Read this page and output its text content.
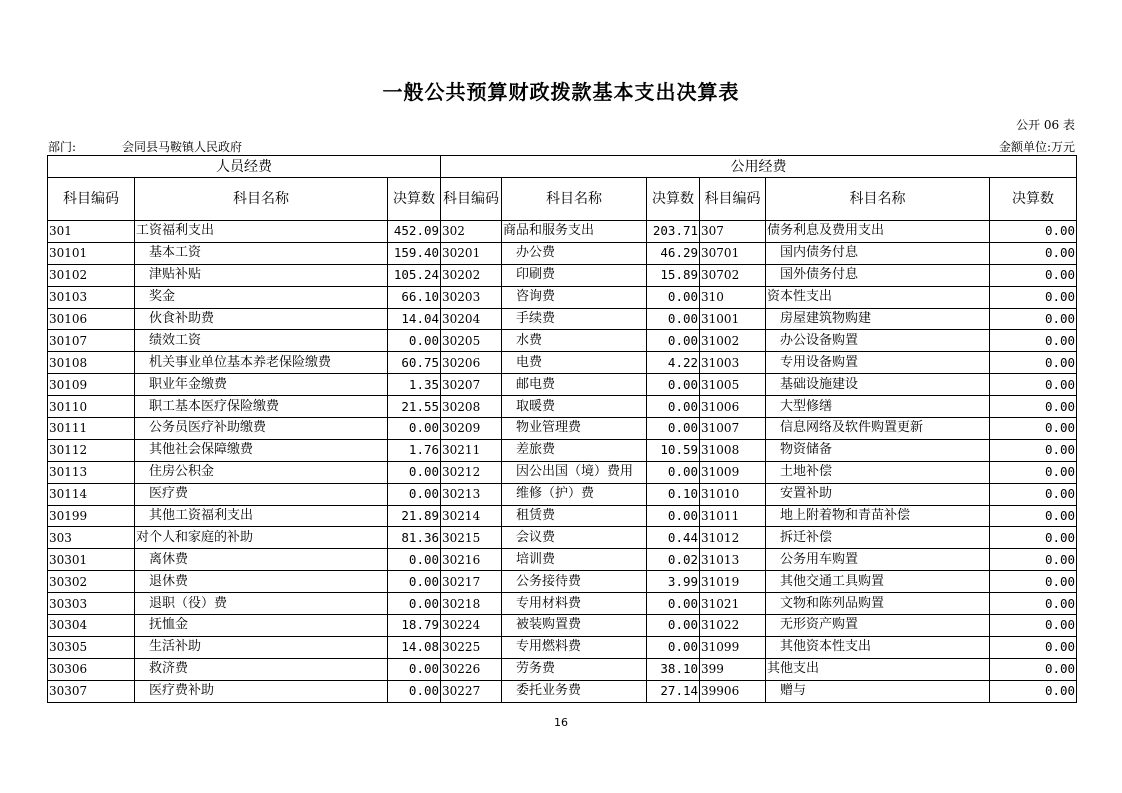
一般公共预算财政拨款基本支出决算表
公开 06 表
部门:	会同县马鞍镇人民政府	金额单位:万元
人员经费			公用经费					
科目编码	科目名称	决算数	科目编码	科目名称	决算数	科目编码	科目名称	决算数
301	工资福利支出	452.09	302	商品和服务支出	203.71	307	债务利息及费用支出	0.00
30101	基本工资	159.40	30201	办公费	46.29	30701	国内债务付息	0.00
30102	津贴补贴	105.24	30202	印刷费	15.89	30702	国外债务付息	0.00
30103	奖金	66.10	30203	咨询费	0.00	310	资本性支出	0.00
30106	伙食补助费	14.04	30204	手续费	0.00	31001	房屋建筑物购建	0.00
30107	绩效工资	0.00	30205	水费	0.00	31002	办公设备购置	0.00
30108	机关事业单位基本养老保险缴费	60.75	30206	电费	4.22	31003	专用设备购置	0.00
30109	职业年金缴费	1.35	30207	邮电费	0.00	31005	基础设施建设	0.00
30110	职工基本医疗保险缴费	21.55	30208	取暖费	0.00	31006	大型修缮	0.00
30111	公务员医疗补助缴费	0.00	30209	物业管理费	0.00	31007	信息网络及软件购置更新	0.00
30112	其他社会保障缴费	1.76	30211	差旅费	10.59	31008	物资储备	0.00
30113	住房公积金	0.00	30212	因公出国（境）费用	0.00	31009	土地补偿	0.00
30114	医疗费	0.00	30213	维修（护）费	0.10	31010	安置补助	0.00
30199	其他工资福利支出	21.89	30214	租赁费	0.00	31011	地上附着物和青苗补偿	0.00
303	对个人和家庭的补助	81.36	30215	会议费	0.44	31012	拆迁补偿	0.00
30301	离休费	0.00	30216	培训费	0.02	31013	公务用车购置	0.00
30302	退休费	0.00	30217	公务接待费	3.99	31019	其他交通工具购置	0.00
30303	退职（役）费	0.00	30218	专用材料费	0.00	31021	文物和陈列品购置	0.00
30304	抚恤金	18.79	30224	被装购置费	0.00	31022	无形资产购置	0.00
30305	生活补助	14.08	30225	专用燃料费	0.00	31099	其他资本性支出	0.00
30306	救济费	0.00	30226	劳务费	38.10	399	其他支出	0.00
30307	医疗费补助	0.00	30227	委托业务费	27.14	39906	赠与	0.00
16
